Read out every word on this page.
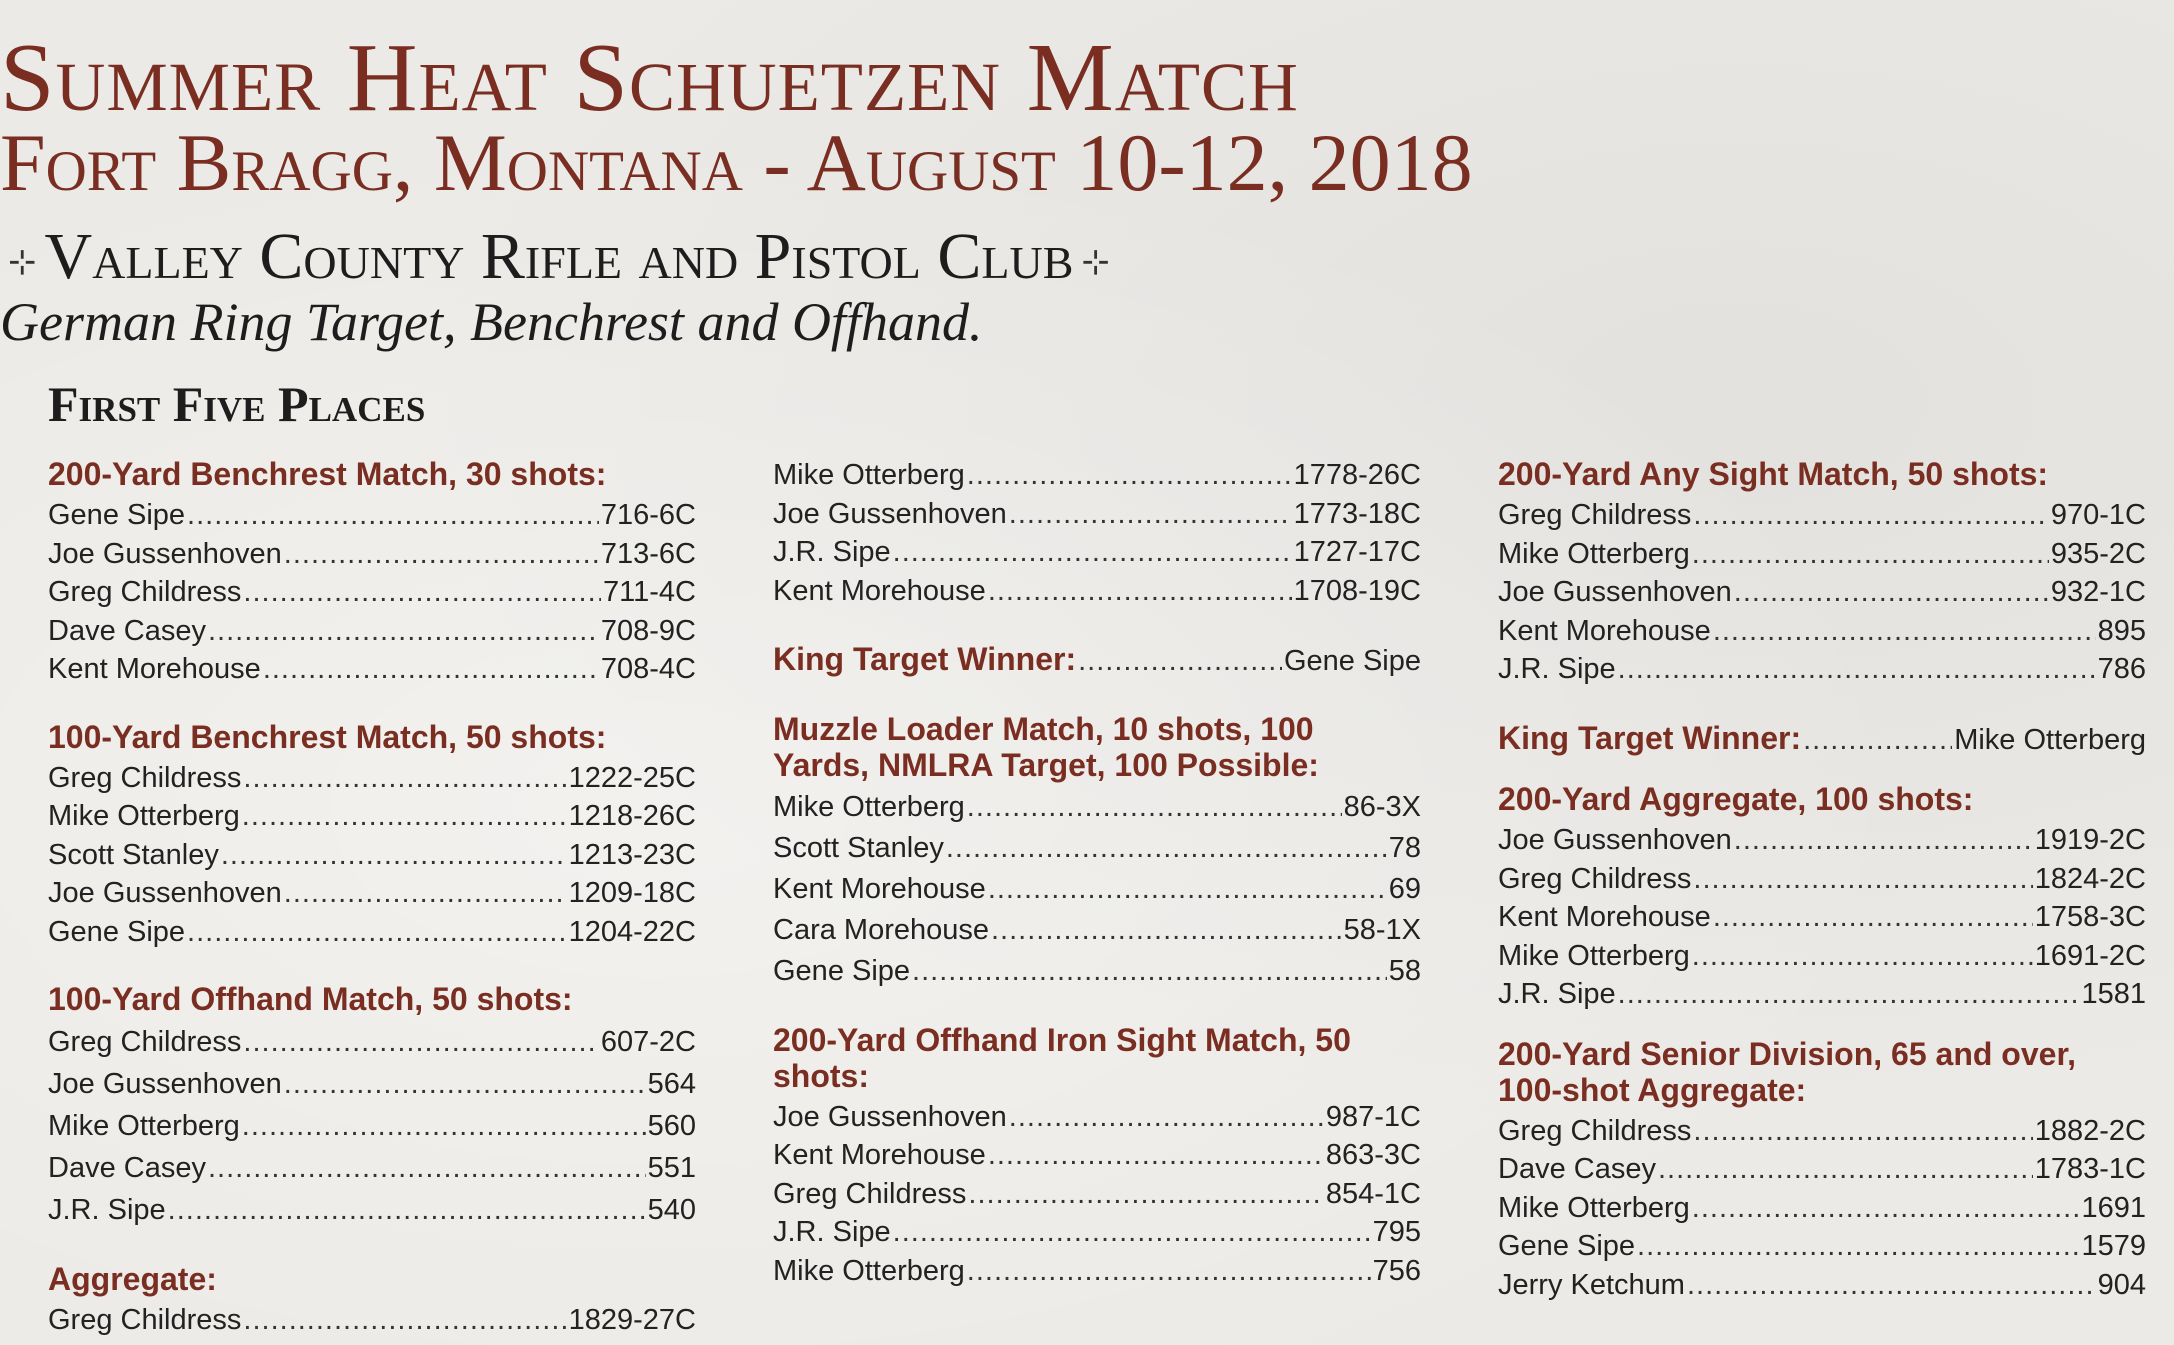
Summer Heat Schuetzen Match
Fort Bragg, Montana - August 10-12, 2018
⊹ Valley County Rifle and Pistol Club ⊹
German Ring Target, Benchrest and Offhand.
First Five Places
200-Yard Benchrest Match, 30 shots:
Gene Sipe .....	716-6C
Joe Gussenhoven .....	713-6C
Greg Childress .....	711-4C
Dave Casey .....	708-9C
Kent Morehouse .....	708-4C
100-Yard Benchrest Match, 50 shots:
Greg Childress .....	1222-25C
Mike Otterberg .....	1218-26C
Scott Stanley .....	1213-23C
Joe Gussenhoven .....	1209-18C
Gene Sipe .....	1204-22C
100-Yard Offhand Match, 50 shots:
Greg Childress .....	607-2C
Joe Gussenhoven .....	564
Mike Otterberg .....	560
Dave Casey .....	551
J.R. Sipe .....	540
Aggregate:
Greg Childress .....	1829-27C
Mike Otterberg .....	1778-26C
Joe Gussenhoven .....	1773-18C
J.R. Sipe .....	1727-17C
Kent Morehouse .....	1708-19C
King Target Winner: .....	Gene Sipe
Muzzle Loader Match, 10 shots, 100 Yards, NMLRA Target, 100 Possible:
Mike Otterberg .....	86-3X
Scott Stanley .....	78
Kent Morehouse .....	69
Cara Morehouse .....	58-1X
Gene Sipe .....	58
200-Yard Offhand Iron Sight Match, 50 shots:
Joe Gussenhoven .....	987-1C
Kent Morehouse .....	863-3C
Greg Childress .....	854-1C
J.R. Sipe .....	795
Mike Otterberg .....	756
200-Yard Any Sight Match, 50 shots:
Greg Childress .....	970-1C
Mike Otterberg .....	935-2C
Joe Gussenhoven .....	932-1C
Kent Morehouse .....	895
J.R. Sipe .....	786
King Target Winner: .....	Mike Otterberg
200-Yard Aggregate, 100 shots:
Joe Gussenhoven .....	1919-2C
Greg Childress .....	1824-2C
Kent Morehouse .....	1758-3C
Mike Otterberg .....	1691-2C
J.R. Sipe .....	1581
200-Yard Senior Division, 65 and over, 100-shot Aggregate:
Greg Childress .....	1882-2C
Dave Casey .....	1783-1C
Mike Otterberg .....	1691
Gene Sipe .....	1579
Jerry Ketchum .....	904
